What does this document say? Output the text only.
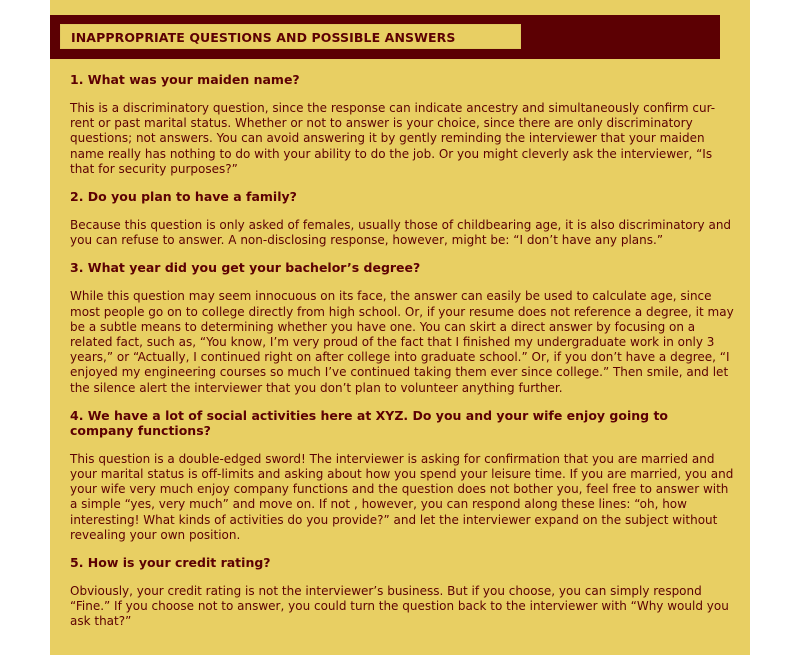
INAPPROPRIATE QUESTIONS AND POSSIBLE ANSWERS

1. What was your maiden name?

This is a discriminatory question, since the response can indicate ancestry and simultaneously confirm cur-rent or past marital status. Whether or not to answer is your choice, since there are only discriminatory questions; not answers. You can avoid answering it by gently reminding the interviewer that your maiden name really has nothing to do with your ability to do the job. Or you might cleverly ask the interviewer, “Is that for security purposes?”

2. Do you plan to have a family?

Because this question is only asked of females, usually those of childbearing age, it is also discriminatory and you can refuse to answer. A non-disclosing response, however, might be: “I don’t have any plans.”

3. What year did you get your bachelor’s degree?

While this question may seem innocuous on its face, the answer can easily be used to calculate age, since most people go on to college directly from high school. Or, if your resume does not reference a degree, it may be a subtle means to determining whether you have one. You can skirt a direct answer by focusing on a related fact, such as, “You know, I’m very proud of the fact that I finished my undergraduate work in only 3 years,” or “Actually, I continued right on after college into graduate school.” Or, if you don’t have a degree, “I enjoyed my engineering courses so much I’ve continued taking them ever since college.” Then smile, and let the silence alert the interviewer that you don’t plan to volunteer anything further.

4. We have a lot of social activities here at XYZ. Do you and your wife enjoy going to company functions?

This question is a double-edged sword! The interviewer is asking for confirmation that you are married and your marital status is off-limits and asking about how you spend your leisure time. If you are married, you and your wife very much enjoy company functions and the question does not bother you, feel free to answer with a simple “yes, very much” and move on. If not , however, you can respond along these lines: “oh, how interesting! What kinds of activities do you provide?” and let the interviewer expand on the subject without revealing your own position.

5. How is your credit rating?

Obviously, your credit rating is not the interviewer’s business. But if you choose, you can simply respond “Fine.” If you choose not to answer, you could turn the question back to the interviewer with “Why would you ask that?”
